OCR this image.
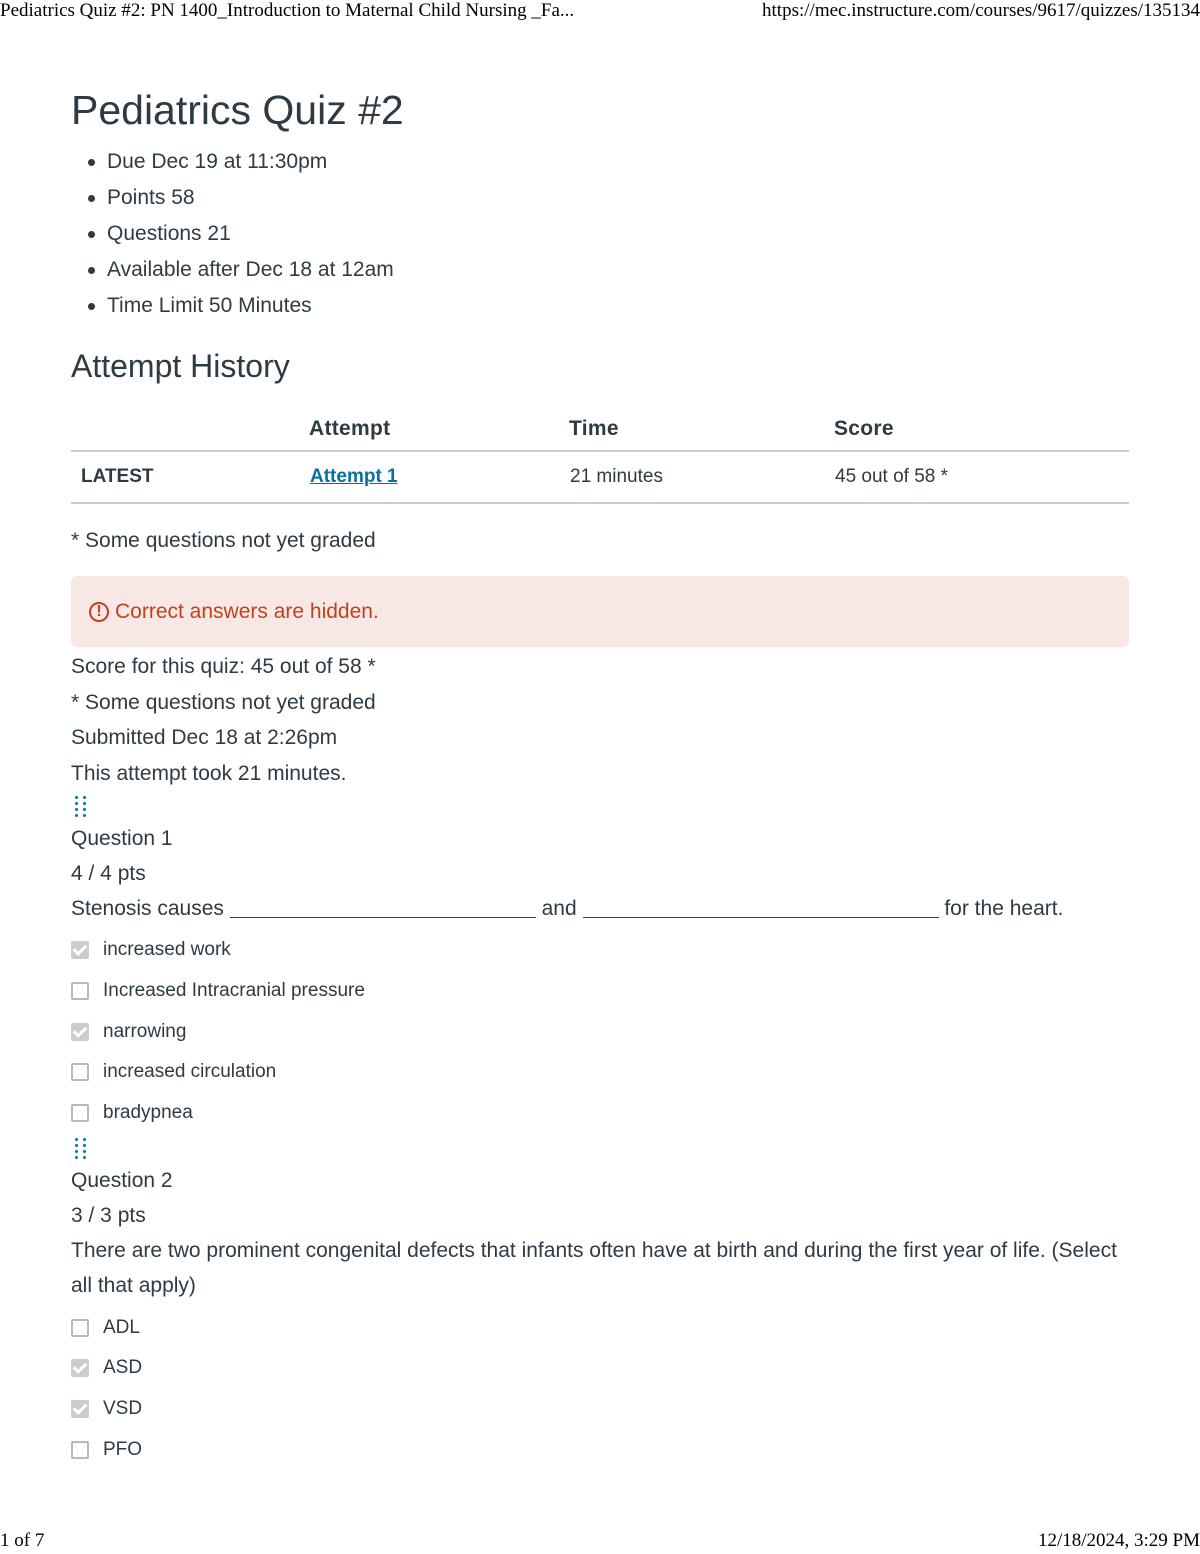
Pediatrics Quiz #2: PN 1400_Introduction to Maternal Child Nursing _Fa...	https://mec.instructure.com/courses/9617/quizzes/135134
Pediatrics Quiz #2
Due Dec 19 at 11:30pm
Points 58
Questions 21
Available after Dec 18 at 12am
Time Limit 50 Minutes
Attempt History
	Attempt	Time	Score
LATEST	Attempt 1	21 minutes	45 out of 58 *
* Some questions not yet graded
! Correct answers are hidden.
Score for this quiz: 45 out of 58 *
* Some questions not yet graded
Submitted Dec 18 at 2:26pm
This attempt took 21 minutes.
Question 1
4 / 4 pts
Stenosis causes	and	for the heart.
increased work
Increased Intracranial pressure
narrowing
increased circulation
bradypnea
Question 2
3 / 3 pts
There are two prominent congenital defects that infants often have at birth and during the first year of life. (Select all that apply)
ADL
ASD
VSD
PFO
1 of 7	12/18/2024, 3:29 PM
